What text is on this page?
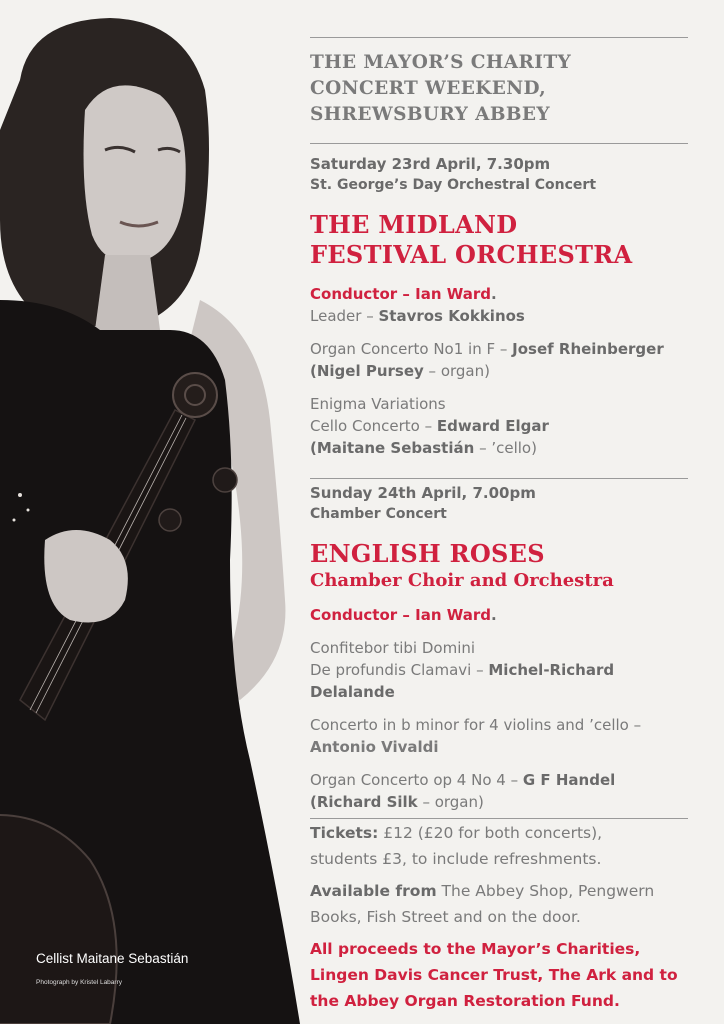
Cellist Maitane Sebastián
Photograph by Kristel Labarry
THE MAYOR’S CHARITY
CONCERT WEEKEND,
SHREWSBURY ABBEY
Saturday 23rd April, 7.30pm
St. George’s Day Orchestral Concert
THE MIDLAND
FESTIVAL ORCHESTRA
Conductor – Ian Ward.
Leader – Stavros Kokkinos
Organ Concerto No1 in F – Josef Rheinberger
(Nigel Pursey – organ)
Enigma Variations
Cello Concerto – Edward Elgar
(Maitane Sebastián – ’cello)
Sunday 24th April, 7.00pm
Chamber Concert
ENGLISH ROSES
Chamber Choir and Orchestra
Conductor – Ian Ward.
Confitebor tibi Domini
De profundis Clamavi – Michel-Richard Delalande
Concerto in b minor for 4 violins and ’cello –
Antonio Vivaldi
Organ Concerto op 4 No 4 – G F Handel
(Richard Silk – organ)
Tickets: £12 (£20 for both concerts),
students £3, to include refreshments.
Available from The Abbey Shop, Pengwern
Books, Fish Street and on the door.
All proceeds to the Mayor’s Charities,
Lingen Davis Cancer Trust, The Ark and to
the Abbey Organ Restoration Fund.
